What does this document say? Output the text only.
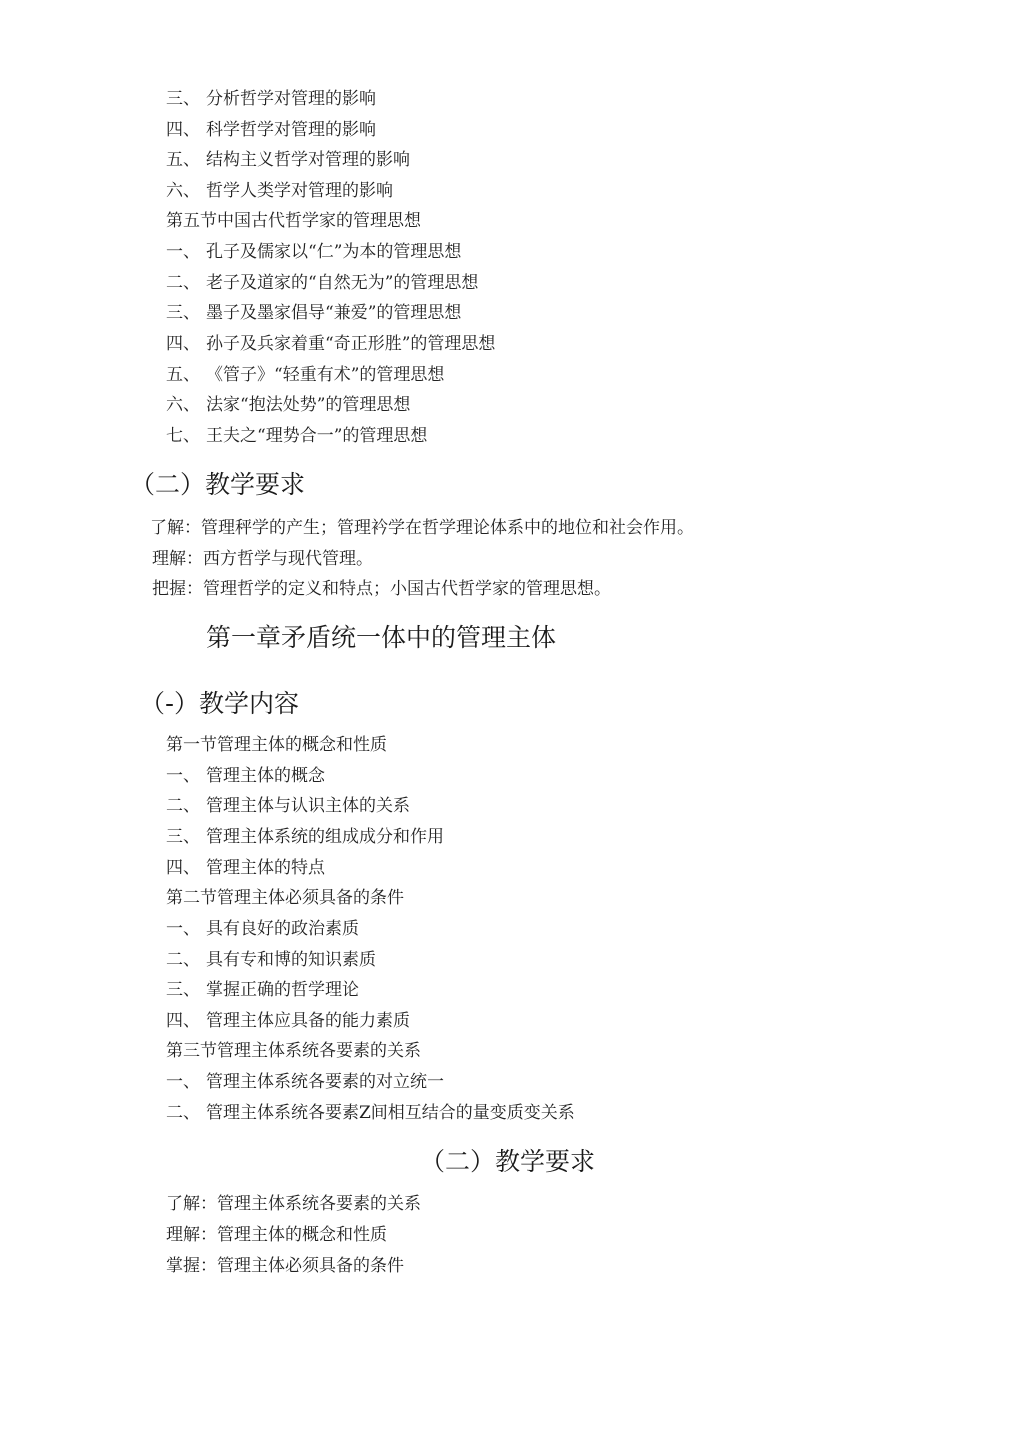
三、 分析哲学对管理的影响
四、 科学哲学对管理的影响
五、 结构主义哲学对管理的影响
六、 哲学人类学对管理的影响
第五节中国古代哲学家的管理思想
一、 孔子及儒家以“仁”为本的管理思想
二、 老子及道家的“自然无为”的管理思想
三、 墨子及墨家倡导“兼爱”的管理思想
四、 孙子及兵家着重“奇正形胜”的管理思想
五、 《管子》“轻重有术”的管理思想
六、 法家“抱法处势”的管理思想
七、 王夫之“理势合一”的管理思想
（二）教学要求
了解：管理秤学的产生；管理衿学在哲学理论体系中的地位和社会作用。
理解：西方哲学与现代管理。
把握：管理哲学的定义和特点；小国古代哲学家的管理思想。
第一章矛盾统一体中的管理主体
（-）教学内容
第一节管理主体的概念和性质
一、 管理主体的概念
二、 管理主体与认识主体的关系
三、 管理主体系统的组成成分和作用
四、 管理主体的特点
第二节管理主体必须具备的条件
一、 具有良好的政治素质
二、 具有专和博的知识素质
三、 掌握正确的哲学理论
四、 管理主体应具备的能力素质
第三节管理主体系统各要素的关系
一、 管理主体系统各要素的对立统一
二、 管理主体系统各要素Z间相互结合的量变质变关系
（二）教学要求
了解：管理主体系统各要素的关系
理解：管理主体的概念和性质
掌握：管理主体必须具备的条件
